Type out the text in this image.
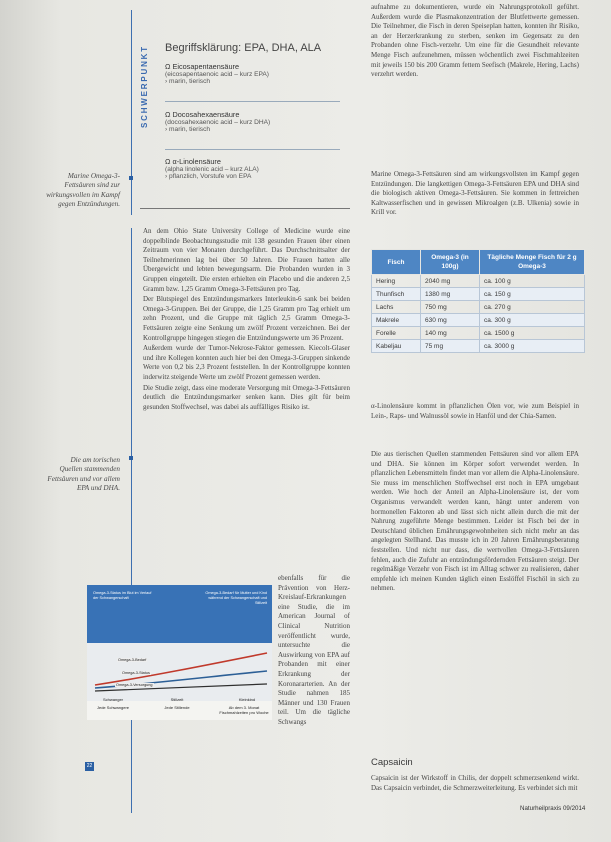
SCHWERPUNKT	Begriffsklärung: EPA, DHA, ALA
Ω Eicosapentaensäure
(eicosapentaenoic acid – kurz EPA)
› marin, tierisch
Ω Docosahexaensäure
(docosahexaenoic acid – kurz DHA)
› marin, tierisch
Ω α-Linolensäure
(alpha linolenic acid – kurz ALA)
› pflanzlich, Vorstufe von EPA
Marine Omega-3-Fettsäuren sind zur wirkungsvollen im Kampf gegen Entzündungen.
Die am torischen Quellen stammenden Fettsäuren und vor allem EPA und DHA.

An dem Ohio State University College of Medicine wurde eine doppelblinde Beobachtungsstudie mit 138 gesunden Frauen über einen Zeitraum von vier Monaten durchgeführt. Das Durchschnittsalter der Teilnehmerinnen lag bei über 50 Jahren. Die Frauen hatten alle Übergewicht und lebten bewegungsarm. Die Probanden wurden in 3 Gruppen eingeteilt. Die ersten erhielten ein Placebo und die anderen 2,5 Gramm bzw. 1,25 Gramm Omega-3-Fettsäuren pro Tag.

Der Blutspiegel des Entzündungsmarkers Interleukin-6 sank bei beiden Omega-3-Gruppen. Bei der Gruppe, die 1,25 Gramm pro Tag erhielt um zehn Prozent, und die Gruppe mit täglich 2,5 Gramm Omega-3-Fettsäuren zeigte eine Senkung um zwölf Prozent verzeichnen. Bei der Kontrollgruppe hingegen stiegen die Entzündungswerte um 36 Prozent.

Außerdem wurde der Tumor-Nekrose-Faktor gemessen. Kiecolt-Glaser und ihre Kollegen konnten auch hier bei den Omega-3-Gruppen sinkende Werte von 0,2 bis 2,3 Prozent feststellen. In der Kontrollgruppe konnten inderwitz steigende Werte um zwölf Prozent gemessen werden.

Die Studie zeigt, dass eine moderate Versorgung mit Omega-3-Fettsäuren deutlich die Entzündungsmarker senken kann. Dies gilt für beim gesunden Stoffwechsel, was dabei als auffälliges Risiko ist.

ebenfalls für die Prävention von Herz-Kreislauf-Erkrankungen eine Studie, die im American Journal of Clinical Nutrition veröffentlicht wurde, untersuchte die Auswirkung von EPA auf Probanden mit einer Erkrankung der Koronararterien. An der Studie nahmen 185 Männer und 130 Frauen teil. Um die tägliche Schwangs
Omega-3-Status im Blut im Verlauf der Schwangerschaft
Omega-3-Bedarf für Mutter und Kind während der Schwangerschaft und Stillzeit
Omega-3-Bedarf
Omega-3-Status
Omega-3-Versorgung
Schwanger	Stillzeit	Kleinkind
Jede Schwangere	Jede Stillende	Ab dem 3. Monat Fischmahlzeiten pro Woche
aufnahme zu dokumentieren, wurde ein Nahrungsprotokoll geführt. Außerdem wurde die Plasmakonzentration der Blutfettwerte gemessen. Die Teilnehmer, die Fisch in deren Speiseplan hatten, konnten ihr Risiko, an der Herzerkrankung zu sterben, senken im Gegensatz zu den Probanden ohne Fisch-verzehr. Um eine für die Gesundheit relevante Menge Fisch aufzunehmen, müssen wöchentlich zwei Fischmahlzeiten mit jeweils 150 bis 200 Gramm fettem Seefisch (Makrele, Hering, Lachs) verzehrt werden.
Marine Omega-3-Fettsäuren sind am wirkungsvollsten im Kampf gegen Entzündungen. Die langkettigen Omega-3-Fettsäuren EPA und DHA sind die biologisch aktiven Omega-3-Fettsäuren. Sie kommen in fettreichen Kaltwasserfischen und in gewissen Mikroalgen (z.B. Ulkenia) sowie in Krill vor.
Fisch	Omega-3 (in 100g)	Tägliche Menge Fisch für 2 g Omega-3
Hering	2040 mg	ca. 100 g
Thunfisch	1380 mg	ca. 150 g
Lachs	750 mg	ca. 270 g
Makrele	630 mg	ca. 300 g
Forelle	140 mg	ca. 1500 g
Kabeljau	75 mg	ca. 3000 g
α-Linolensäure kommt in pflanzlichen Ölen vor, wie zum Beispiel in Lein-, Raps- und Walnussöl sowie in Hanföl und der Chia-Samen.
Die aus tierischen Quellen stammenden Fettsäuren sind vor allem EPA und DHA. Sie können im Körper sofort verwendet werden. In pflanzlichen Lebensmitteln findet man vor allem die Alpha-Linolensäure. Sie muss im menschlichen Stoffwechsel erst noch in EPA umgebaut werden. Wie hoch der Anteil an Alpha-Linolensäure ist, der vom Organismus verwandelt werden kann, hängt unter anderem von hormonellen Faktoren ab und lässt sich nicht allein durch die mit der Nahrung zugeführte Menge bestimmen. Leider ist Fisch bei der in Deutschland üblichen Ernährungsgewohnheiten sich nicht mehr an das angelegten Stellhand. Das musste ich in 20 Jahren Ernährungsberatung feststellen. Und nicht nur dass, die wertvollen Omega-3-Fettsäuren fehlen, auch die Zufuhr an entzündungsfördernden Fettsäuren steigt. Der regelmäßige Verzehr von Fisch ist im Alltag schwer zu realisieren, daher empfehle ich meinen Kunden täglich einen Esslöffel Fischöl in sich zu nehmen.
Capsaicin
Capsaicin ist der Wirkstoff in Chilis, der doppelt schmerzsenkend wirkt. Das Capsaicin verbindet, die Schmerzweiterleitung. Es verbindet sich mit
22
Naturheilpraxis 09/2014
